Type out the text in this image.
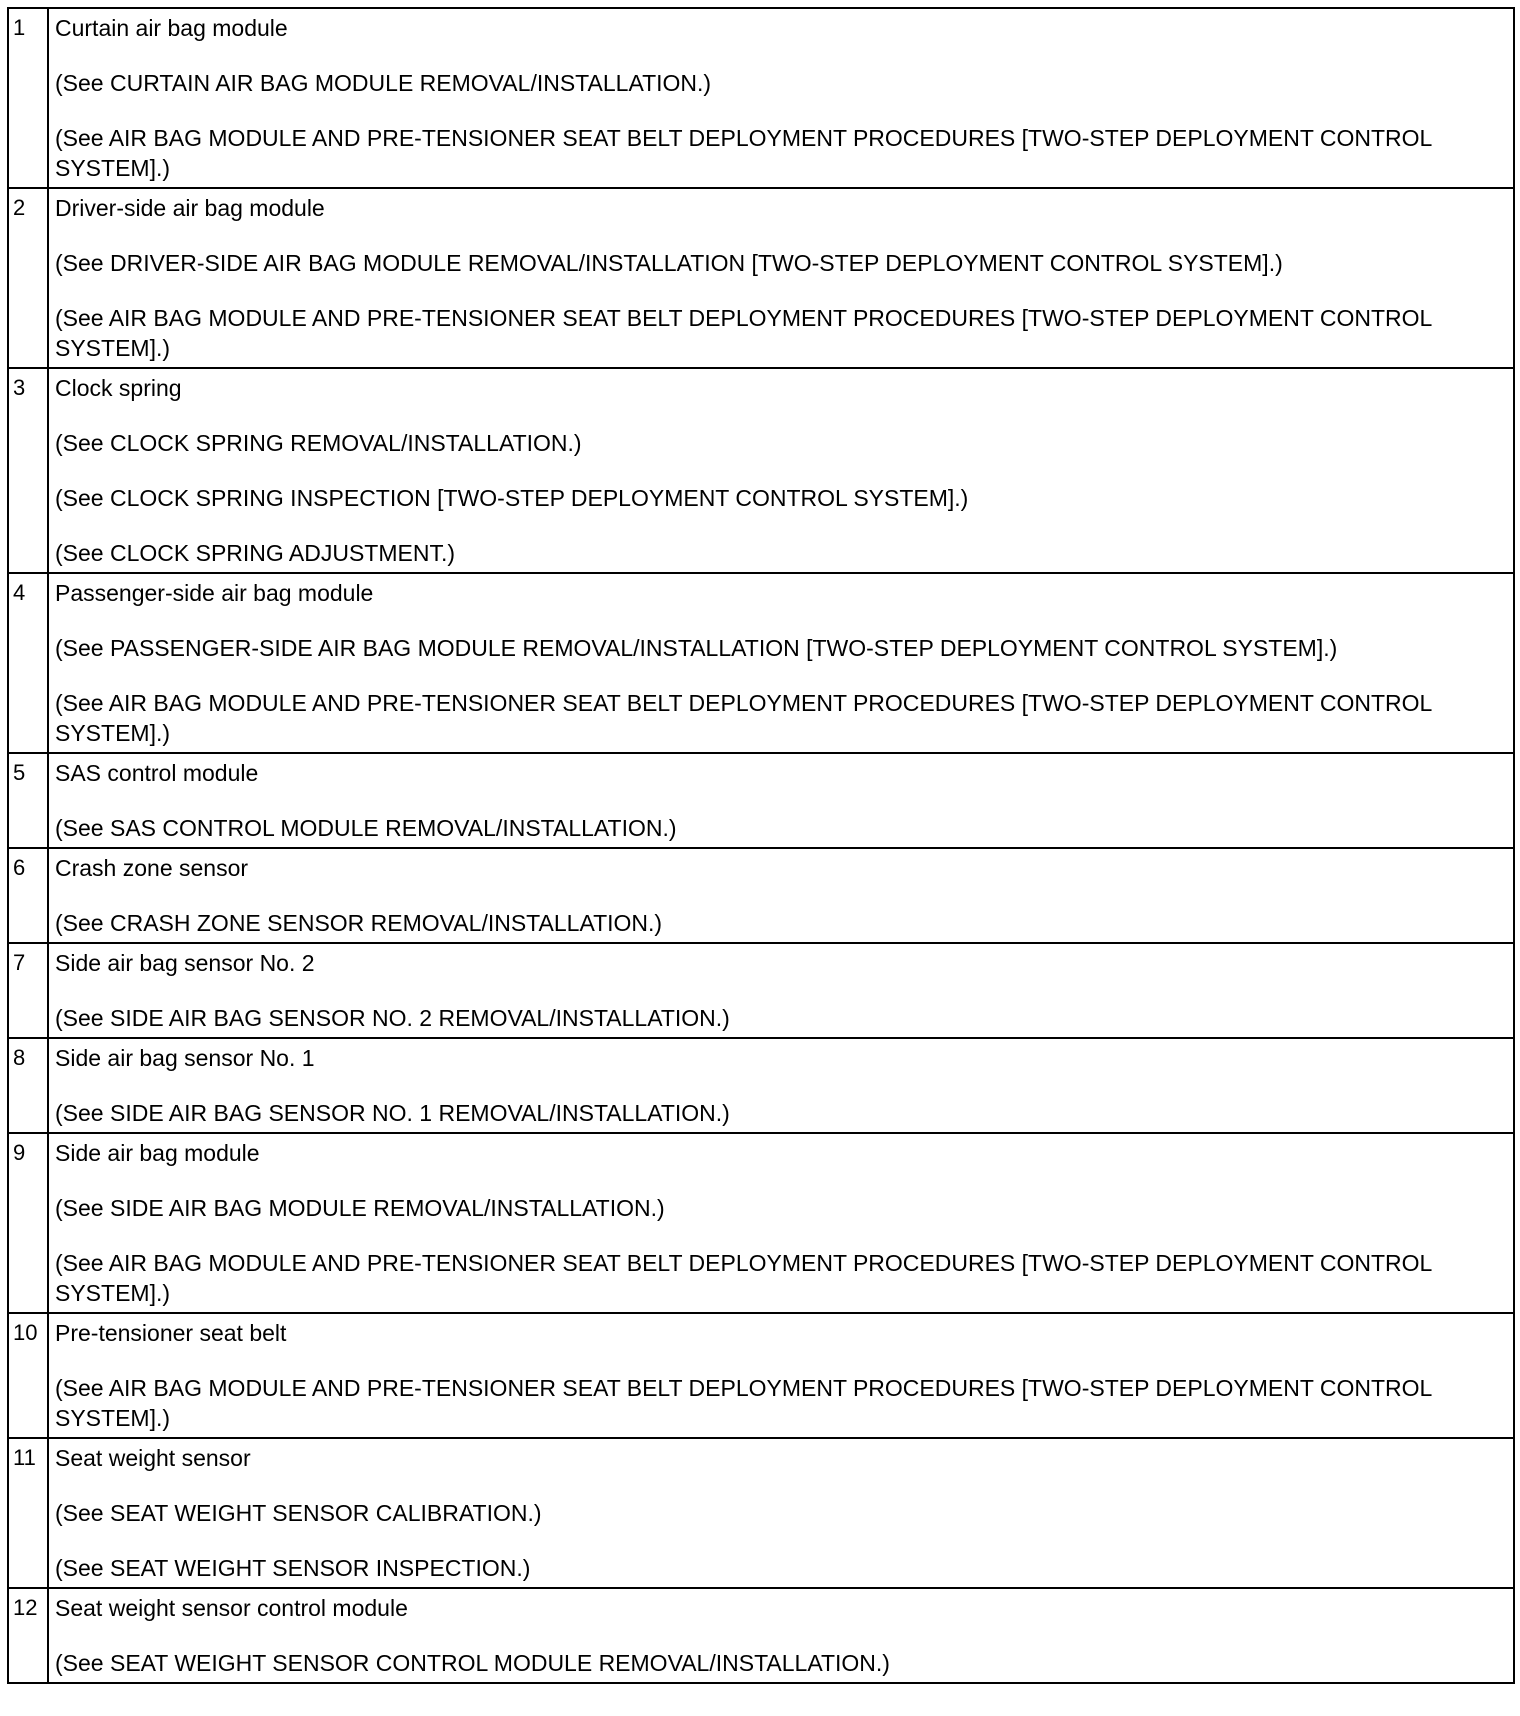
1	Curtain air bag module
(See CURTAIN AIR BAG MODULE REMOVAL/INSTALLATION.)
(See AIR BAG MODULE AND PRE-TENSIONER SEAT BELT DEPLOYMENT PROCEDURES [TWO-STEP DEPLOYMENT CONTROL SYSTEM].)

2	Driver-side air bag module
(See DRIVER-SIDE AIR BAG MODULE REMOVAL/INSTALLATION [TWO-STEP DEPLOYMENT CONTROL SYSTEM].)
(See AIR BAG MODULE AND PRE-TENSIONER SEAT BELT DEPLOYMENT PROCEDURES [TWO-STEP DEPLOYMENT CONTROL SYSTEM].)

3	Clock spring
(See CLOCK SPRING REMOVAL/INSTALLATION.)
(See CLOCK SPRING INSPECTION [TWO-STEP DEPLOYMENT CONTROL SYSTEM].)
(See CLOCK SPRING ADJUSTMENT.)

4	Passenger-side air bag module
(See PASSENGER-SIDE AIR BAG MODULE REMOVAL/INSTALLATION [TWO-STEP DEPLOYMENT CONTROL SYSTEM].)
(See AIR BAG MODULE AND PRE-TENSIONER SEAT BELT DEPLOYMENT PROCEDURES [TWO-STEP DEPLOYMENT CONTROL SYSTEM].)

5	SAS control module
(See SAS CONTROL MODULE REMOVAL/INSTALLATION.)

6	Crash zone sensor
(See CRASH ZONE SENSOR REMOVAL/INSTALLATION.)

7	Side air bag sensor No. 2
(See SIDE AIR BAG SENSOR NO. 2 REMOVAL/INSTALLATION.)

8	Side air bag sensor No. 1
(See SIDE AIR BAG SENSOR NO. 1 REMOVAL/INSTALLATION.)

9	Side air bag module
(See SIDE AIR BAG MODULE REMOVAL/INSTALLATION.)
(See AIR BAG MODULE AND PRE-TENSIONER SEAT BELT DEPLOYMENT PROCEDURES [TWO-STEP DEPLOYMENT CONTROL SYSTEM].)

10	Pre-tensioner seat belt
(See AIR BAG MODULE AND PRE-TENSIONER SEAT BELT DEPLOYMENT PROCEDURES [TWO-STEP DEPLOYMENT CONTROL SYSTEM].)

11	Seat weight sensor
(See SEAT WEIGHT SENSOR CALIBRATION.)
(See SEAT WEIGHT SENSOR INSPECTION.)

12	Seat weight sensor control module
(See SEAT WEIGHT SENSOR CONTROL MODULE REMOVAL/INSTALLATION.)
